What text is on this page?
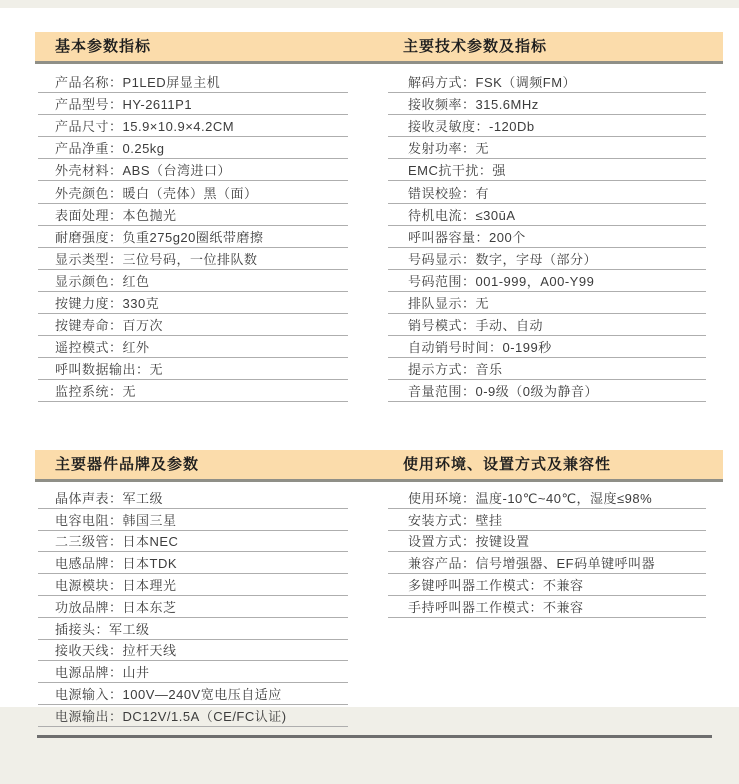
基本参数指标	主要技术参数及指标
产品名称：P1LED屏显主机
产品型号：HY-2611P1
产品尺寸：15.9×10.9×4.2CM
产品净重：0.25kg
外壳材料：ABS（台湾进口）
外壳颜色：暖白（壳体）黑（面）
表面处理：本色抛光
耐磨强度：负重275g20圈纸带磨擦
显示类型：三位号码，一位排队数
显示颜色：红色
按键力度：330克
按键寿命：百万次
遥控模式：红外
呼叫数据输出：无
监控系统：无
解码方式：FSK（调频FM）
接收频率：315.6MHz
接收灵敏度：-120Db
发射功率：无
EMC抗干扰：强
错误校验：有
待机电流：≤30ūA
呼叫器容量：200个
号码显示：数字，字母（部分）
号码范围：001-999，A00-Y99
排队显示：无
销号模式：手动、自动
自动销号时间：0-199秒
提示方式：音乐
音量范围：0-9级（0级为静音）
主要器件品牌及参数	使用环境、设置方式及兼容性
晶体声表：军工级
电容电阻：韩国三星
二三级管：日本NEC
电感品牌：日本TDK
电源模块：日本理光
功放品牌：日本东芝
插接头：军工级
接收天线：拉杆天线
电源品牌：山井
电源输入：100V—240V宽电压自适应
电源输出：DC12V/1.5A（CE/FC认证)
使用环境：温度-10℃~40℃，湿度≤98%
安装方式：壁挂
设置方式：按键设置
兼容产品：信号增强器、EF码单键呼叫器
多键呼叫器工作模式：不兼容
手持呼叫器工作模式：不兼容
